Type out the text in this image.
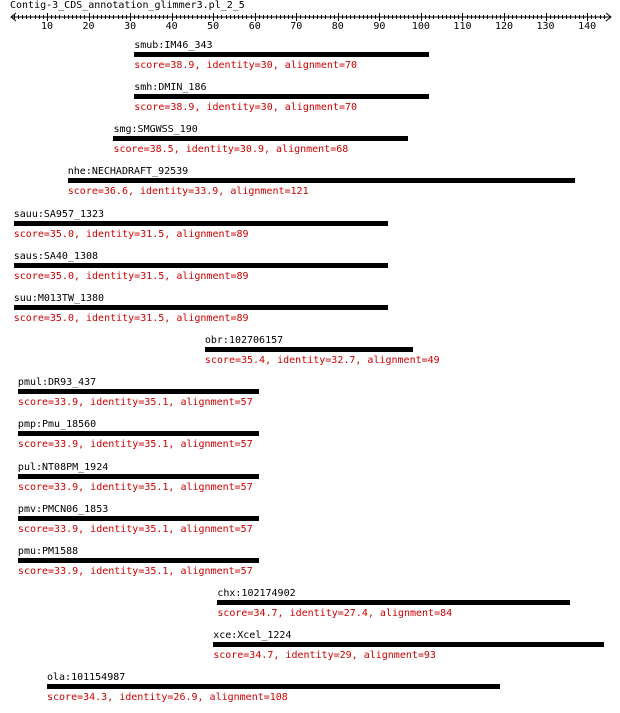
Contig-3_CDS_annotation_glimmer3.pl_2_5
10	20	30	40	50	60	70	80	90	100 110 120 130 140
smub:IM46_343
score=38.9, identity=30, alignment=70
smh:DMIN_186
score=38.9, identity=30, alignment=70
smg:SMGWSS_190
score=38.5, identity=30.9, alignment=68
nhe:NECHADRAFT_92539
score=36.6, identity=33.9, alignment=121
sauu:SA957_1323
score=35.0, identity=31.5, alignment=89
saus:SA40_1308
score=35.0, identity=31.5, alignment=89
suu:M013TW_1380
score=35.0, identity=31.5, alignment=89
obr:102706157
score=35.4, identity=32.7, alignment=49
pmul:DR93_437
score=33.9, identity=35.1, alignment=57
pmp:Pmu_18560
score=33.9, identity=35.1, alignment=57
pul:NT08PM_1924
score=33.9, identity=35.1, alignment=57
pmv:PMCN06_1853
score=33.9, identity=35.1, alignment=57
pmu:PM1588
score=33.9, identity=35.1, alignment=57
chx:102174902
score=34.7, identity=27.4, alignment=84
xce:Xcel_1224
score=34.7, identity=29, alignment=93
ola:101154987
score=34.3, identity=26.9, alignment=108
